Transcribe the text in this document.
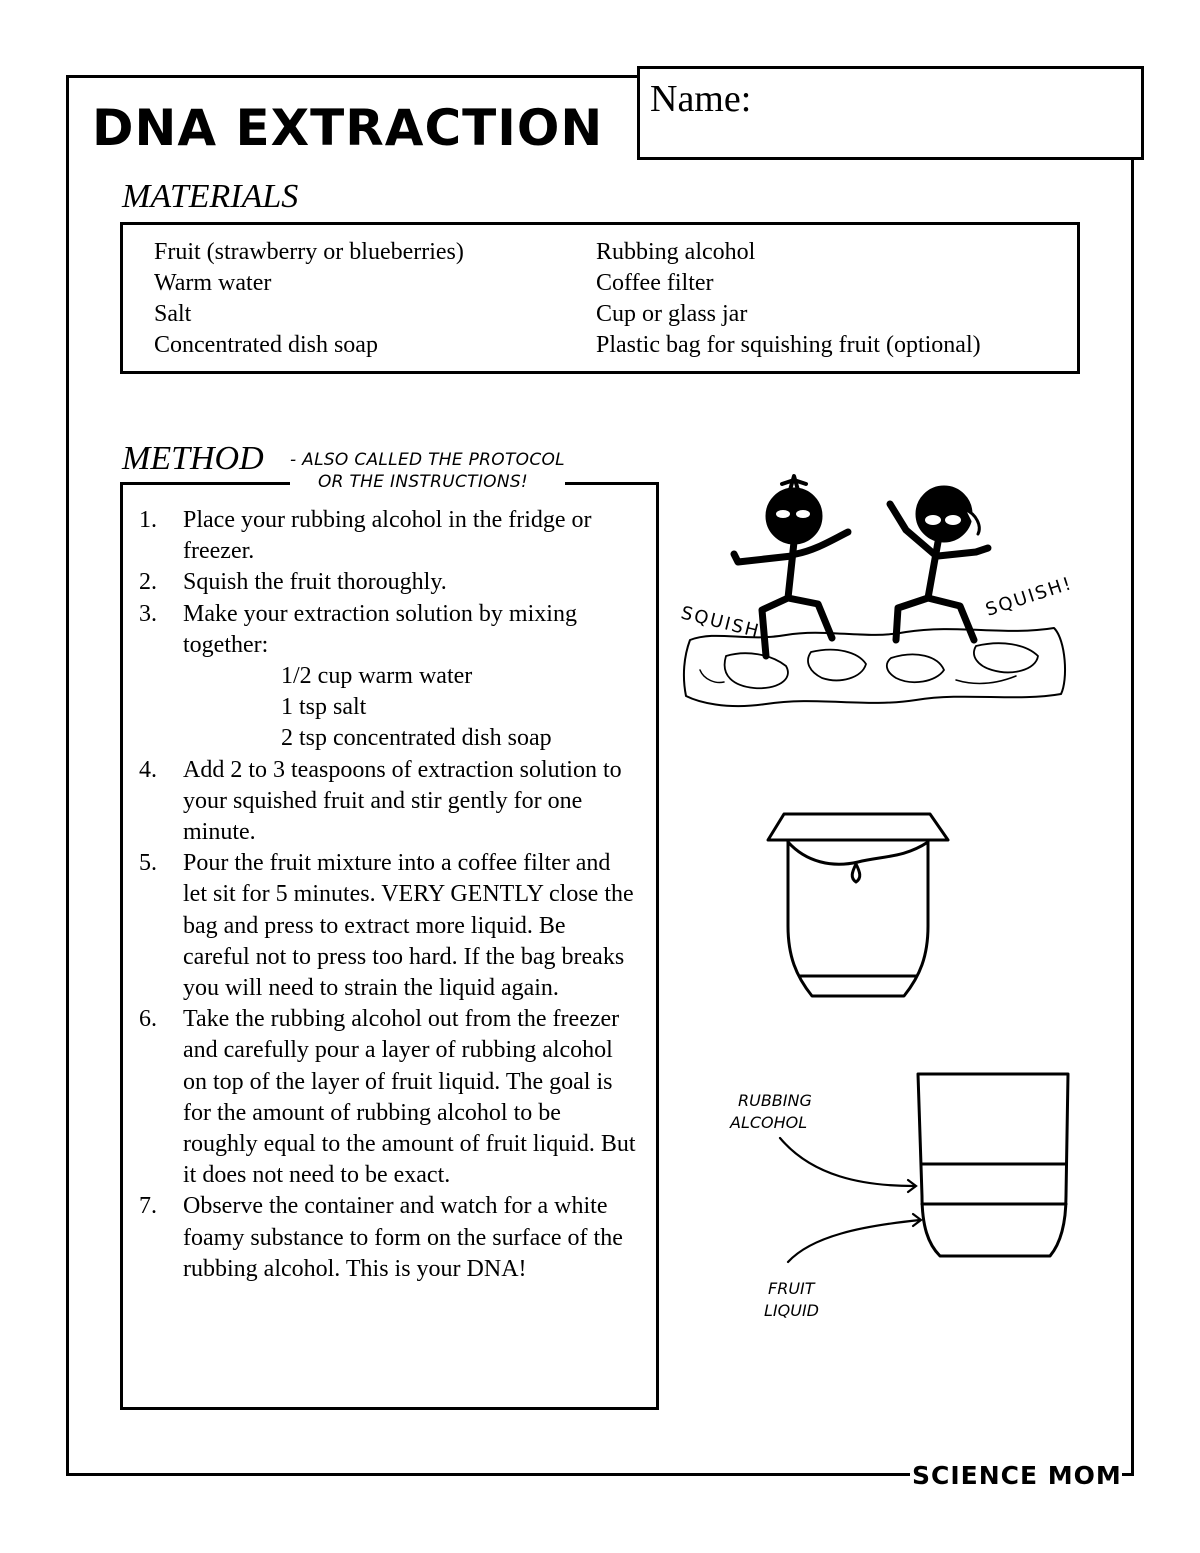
DNA EXTRACTION Name:
MATERIALS
Fruit (strawberry or blueberries)
Warm water
Salt
Concentrated dish soap
Rubbing alcohol
Coffee filter
Cup or glass jar
Plastic bag for squishing fruit (optional)
METHOD
1. Place your rubbing alcohol in the fridge or freezer.
2. Squish the fruit thoroughly.
3. Make your extraction solution by mixing together:
1/2 cup warm water
1 tsp salt
2 tsp concentrated dish soap
4. Add 2 to 3 teaspoons of extraction solution to your squished fruit and stir gently for one minute.
5. Pour the fruit mixture into a coffee filter and let sit for 5 minutes. VERY GENTLY close the bag and press to extract more liquid. Be careful not to press too hard. If the bag breaks you will need to strain the liquid again.
6. Take the rubbing alcohol out from the freezer and carefully pour a layer of rubbing alcohol on top of the layer of fruit liquid. The goal is for the amount of rubbing alcohol to be roughly equal to the amount of fruit liquid. But it does not need to be exact.
7. Observe the container and watch for a white foamy substance to form on the surface of the rubbing alcohol. This is your DNA!

- ALSO CALLED THE PROTOCOL
OR THE INSTRUCTIONS!

SQUISH
SQUISH!
RUBBING
ALCOHOL
FRUIT
LIQUID

SCIENCE MOM
